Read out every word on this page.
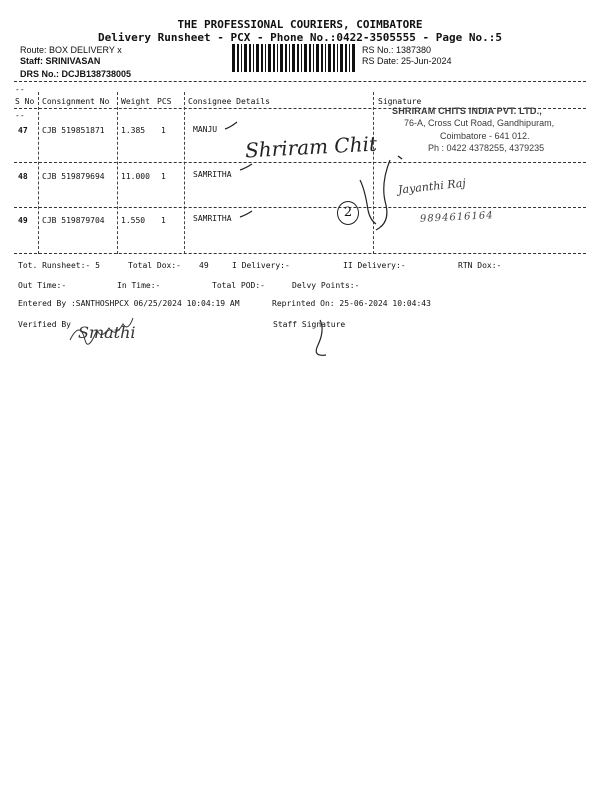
THE PROFESSIONAL COURIERS, COIMBATORE
Delivery Runsheet - PCX - Phone No.:0422-3505555 - Page No.:5
Route: BOX DELIVERY x
Staff: SRINIVASAN
DRS No.: DCJB138738005
RS No.: 1387380
RS Date: 25-Jun-2024
--
S No Consignment No Weight PCS Consignee Details	Signature
--
47 CJB 519851871 1.385 1	MANJU
48 CJB 519879694 11.000 1	SAMRITHA
49 CJB 519879704 1.550 1	SAMRITHA
SHRIRAM CHITS INDIA PVT. LTD.,
76-A, Cross Cut Road, Gandhipuram,
Coimbatore - 641 012.
Ph : 0422 4378255, 4379235
Shriram Chit
Jayanthi Raj
9894616164
2
Smathi
Tot. Runsheet:- 5	Total Dox:- 49	I Delivery:-	II Delivery:-	RTN Dox:-
Out Time:-	In Time:-	Total POD:-	Delvy Points:-
Entered By :SANTHOSHPCX 06/25/2024 10:04:19 AM	Reprinted On: 25-06-2024 10:04:43
Verified By	Staff Signature
